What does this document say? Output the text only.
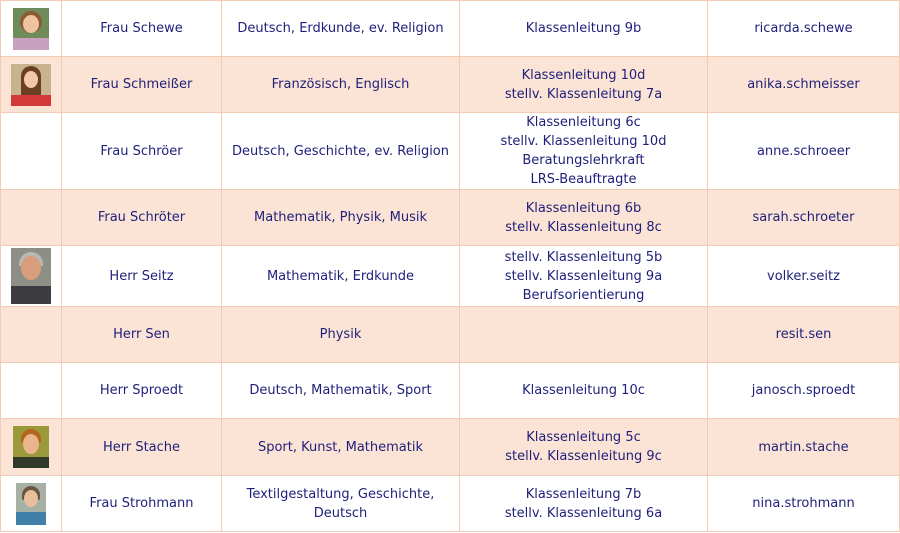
	Frau Schewe	Deutsch, Erdkunde, ev. Religion	Klassenleitung 9b	ricarda.schewe

	Frau Schmeißer	Französisch, Englisch	Klassenleitung 10d
stellv. Klassenleitung 7a	anika.schmeisser
	Frau Schröer	Deutsch, Geschichte, ev. Religion	Klassenleitung 6c
stellv. Klassenleitung 10d
Beratungslehrkraft
LRS-Beauftragte	anne.schroeer
	Frau Schröter	Mathematik, Physik, Musik	Klassenleitung 6b
stellv. Klassenleitung 8c	sarah.schroeter

	Herr Seitz	Mathematik, Erdkunde	stellv. Klassenleitung 5b
stellv. Klassenleitung 9a
Berufsorientierung	volker.seitz
	Herr Sen	Physik		resit.sen
	Herr Sproedt	Deutsch, Mathematik, Sport	Klassenleitung 10c	janosch.sproedt

	Herr Stache	Sport, Kunst, Mathematik	Klassenleitung 5c
stellv. Klassenleitung 9c	martin.stache

	Frau Strohmann	Textilgestaltung, Geschichte, Deutsch	Klassenleitung 7b
stellv. Klassenleitung 6a	nina.strohmann
